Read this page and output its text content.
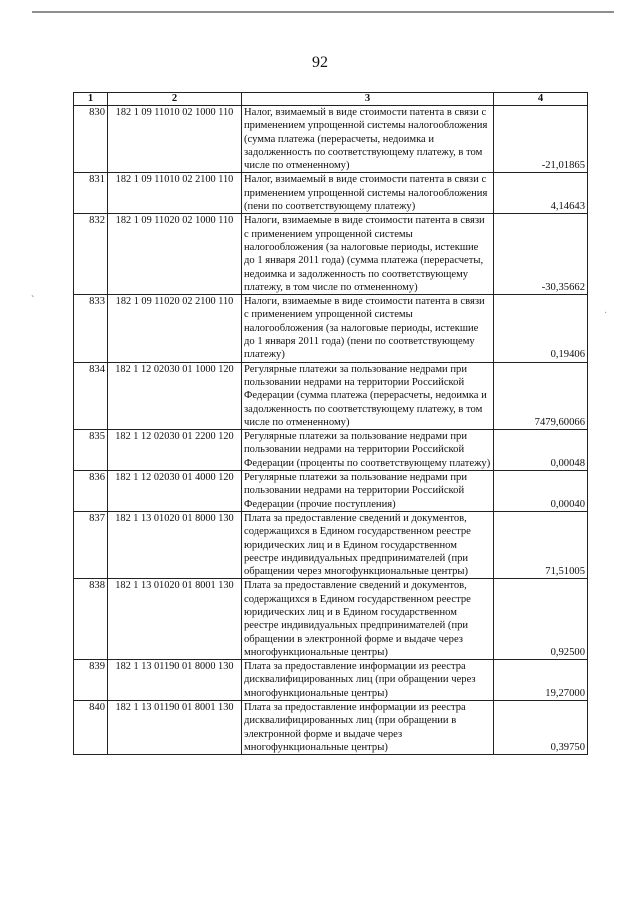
92
`
·
1	2	3	4
830	182 1 09 11010 02 1000 110	Налог, взимаемый в виде стоимости патента в связи с применением упрощенной системы налогообложения (сумма платежа (перерасчеты, недоимка и задолженность по соответствующему платежу, в том числе по отмененному)	-21,01865
831	182 1 09 11010 02 2100 110	Налог, взимаемый в виде стоимости патента в связи с применением упрощенной системы налогообложения (пени по соответствующему платежу)	4,14643
832	182 1 09 11020 02 1000 110	Налоги, взимаемые в виде стоимости патента в связи с применением упрощенной системы налогообложения (за налоговые периоды, истекшие до 1 января 2011 года) (сумма платежа (перерасчеты, недоимка и задолженность по соответствующему платежу, в том числе по отмененному)	-30,35662
833	182 1 09 11020 02 2100 110	Налоги, взимаемые в виде стоимости патента в связи с применением упрощенной системы налогообложения (за налоговые периоды, истекшие до 1 января 2011 года) (пени по соответствующему платежу)	0,19406
834	182 1 12 02030 01 1000 120	Регулярные платежи за пользование недрами при пользовании недрами на территории Российской Федерации (сумма платежа (перерасчеты, недоимка и задолженность по соответствующему платежу, в том числе по отмененному)	7479,60066
835	182 1 12 02030 01 2200 120	Регулярные платежи за пользование недрами при пользовании недрами на территории Российской Федерации (проценты по соответствующему платежу)	0,00048
836	182 1 12 02030 01 4000 120	Регулярные платежи за пользование недрами при пользовании недрами на территории Российской Федерации (прочие поступления)	0,00040
837	182 1 13 01020 01 8000 130	Плата за предоставление сведений и документов, содержащихся в Едином государственном реестре юридических лиц и в Едином государственном реестре индивидуальных предпринимателей (при обращении через многофункциональные центры)	71,51005
838	182 1 13 01020 01 8001 130	Плата за предоставление сведений и документов, содержащихся в Едином государственном реестре юридических лиц и в Едином государственном реестре индивидуальных предпринимателей (при обращении в электронной форме и выдаче через многофункциональные центры)	0,92500
839	182 1 13 01190 01 8000 130	Плата за предоставление информации из реестра дисквалифицированных лиц (при обращении через многофункциональные центры)	19,27000
840	182 1 13 01190 01 8001 130	Плата за предоставление информации из реестра дисквалифицированных лиц (при обращении в электронной форме и выдаче через многофункциональные центры)	0,39750
